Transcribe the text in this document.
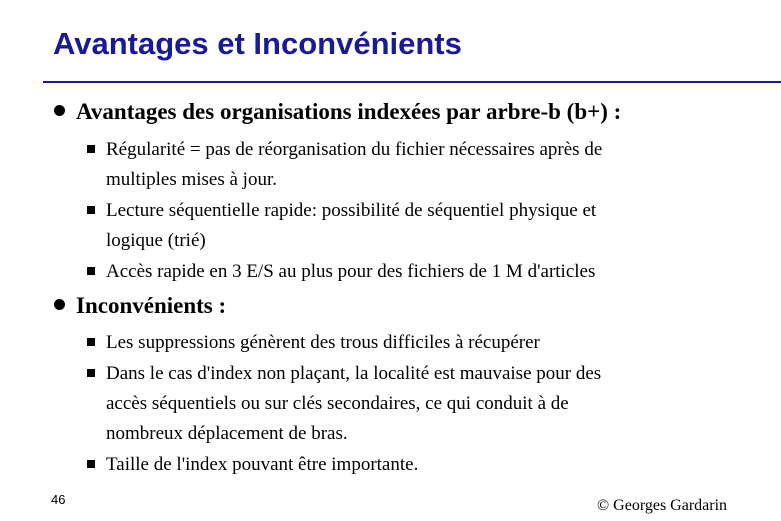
Avantages et Inconvénients
Avantages des organisations indexées par arbre-b (b+) :
Régularité = pas de réorganisation du fichier nécessaires après de
multiples mises à jour.
Lecture séquentielle rapide: possibilité de séquentiel physique et
logique (trié)
Accès rapide en 3 E/S au plus pour des fichiers de 1 M d'articles
Inconvénients :
Les suppressions génèrent des trous difficiles à récupérer
Dans le cas d'index non plaçant, la localité est mauvaise pour des
accès séquentiels ou sur clés secondaires, ce qui conduit à de
nombreux déplacement de bras.
Taille de l'index pouvant être importante.
46	© Georges Gardarin
